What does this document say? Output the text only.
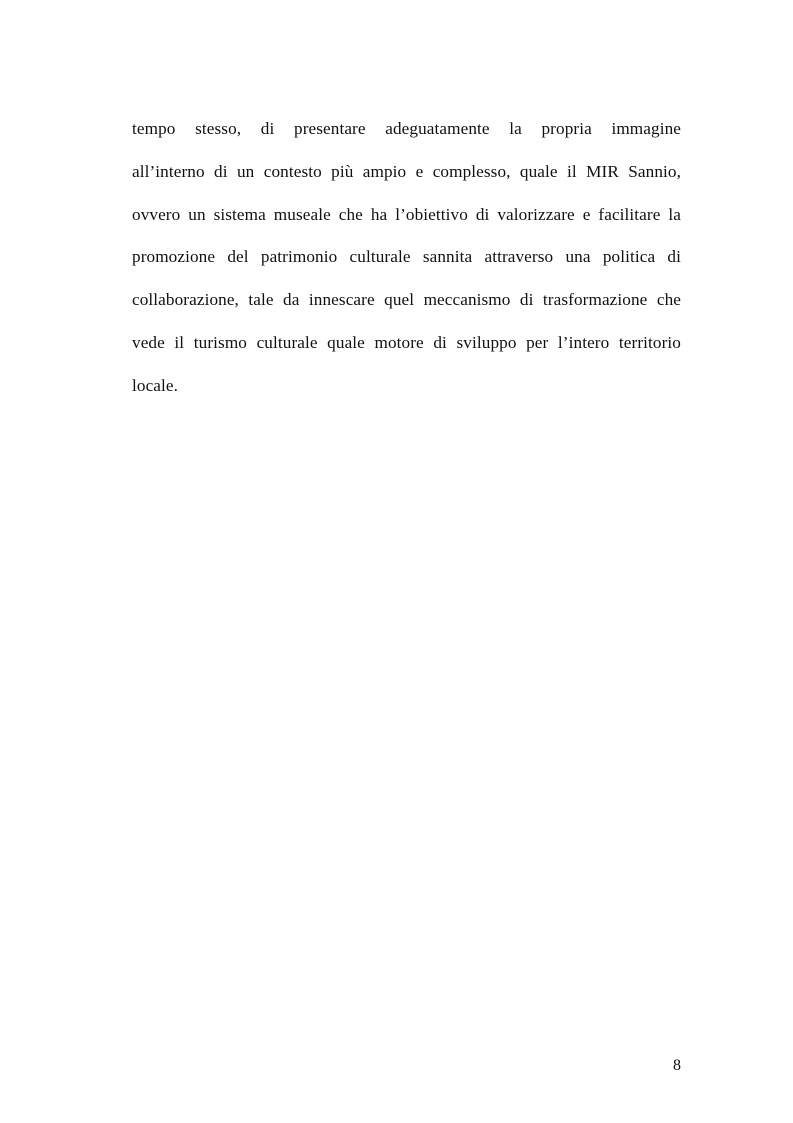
tempo stesso, di presentare adeguatamente la propria immagine
all’interno di un contesto più ampio e complesso, quale il MIR Sannio,
ovvero un sistema museale che ha l’obiettivo di valorizzare e facilitare la
promozione del patrimonio culturale sannita attraverso una politica di
collaborazione, tale da innescare quel meccanismo di trasformazione che
vede il turismo culturale quale motore di sviluppo per l’intero territorio
locale.
8
